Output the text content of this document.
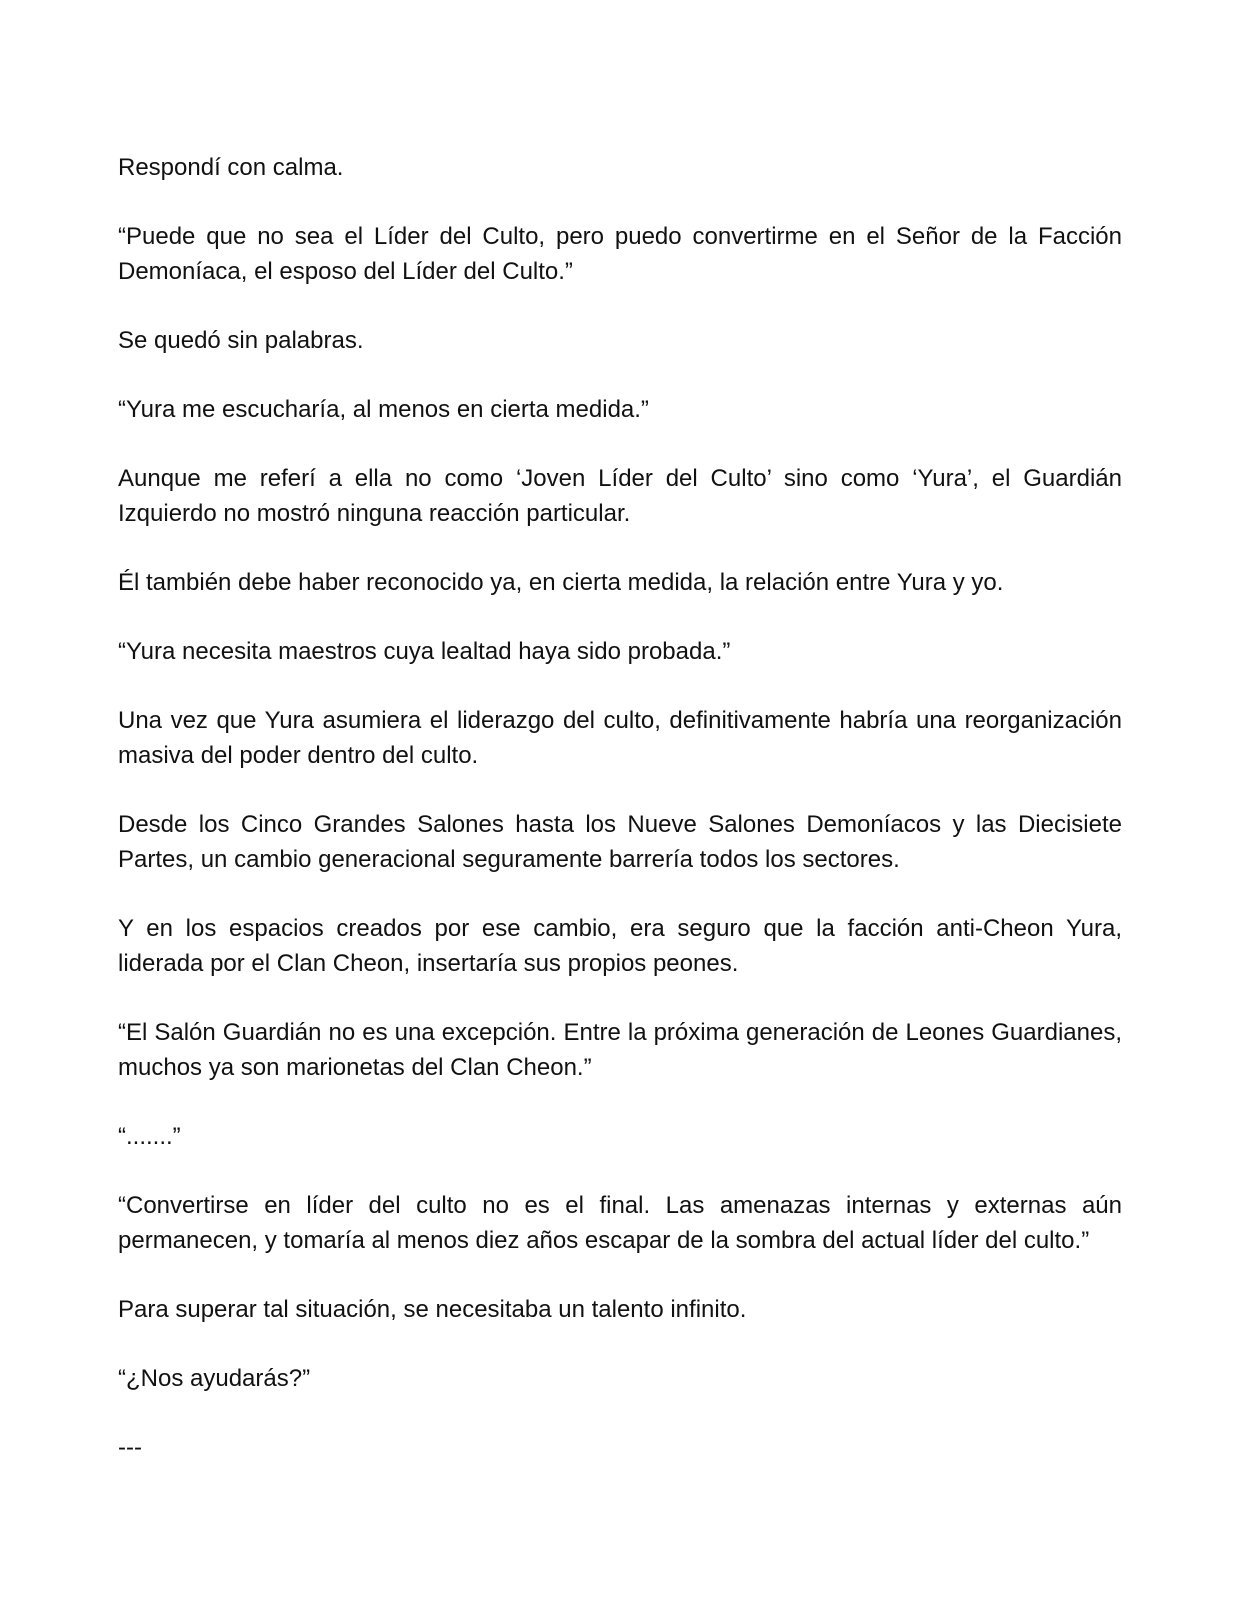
Respondí con calma.

“Puede que no sea el Líder del Culto, pero puedo convertirme en el Señor de la Facción Demoníaca, el esposo del Líder del Culto.”

Se quedó sin palabras.

“Yura me escucharía, al menos en cierta medida.”

Aunque me referí a ella no como ‘Joven Líder del Culto’ sino como ‘Yura’, el Guardián Izquierdo no mostró ninguna reacción particular.

Él también debe haber reconocido ya, en cierta medida, la relación entre Yura y yo.

“Yura necesita maestros cuya lealtad haya sido probada.”

Una vez que Yura asumiera el liderazgo del culto, definitivamente habría una reorganización masiva del poder dentro del culto.

Desde los Cinco Grandes Salones hasta los Nueve Salones Demoníacos y las Diecisiete Partes, un cambio generacional seguramente barrería todos los sectores.

Y en los espacios creados por ese cambio, era seguro que la facción anti-Cheon Yura, liderada por el Clan Cheon, insertaría sus propios peones.

“El Salón Guardián no es una excepción. Entre la próxima generación de Leones Guardianes, muchos ya son marionetas del Clan Cheon.”

“.......”

“Convertirse en líder del culto no es el final. Las amenazas internas y externas aún permanecen, y tomaría al menos diez años escapar de la sombra del actual líder del culto.”

Para superar tal situación, se necesitaba un talento infinito.

“¿Nos ayudarás?”

---
